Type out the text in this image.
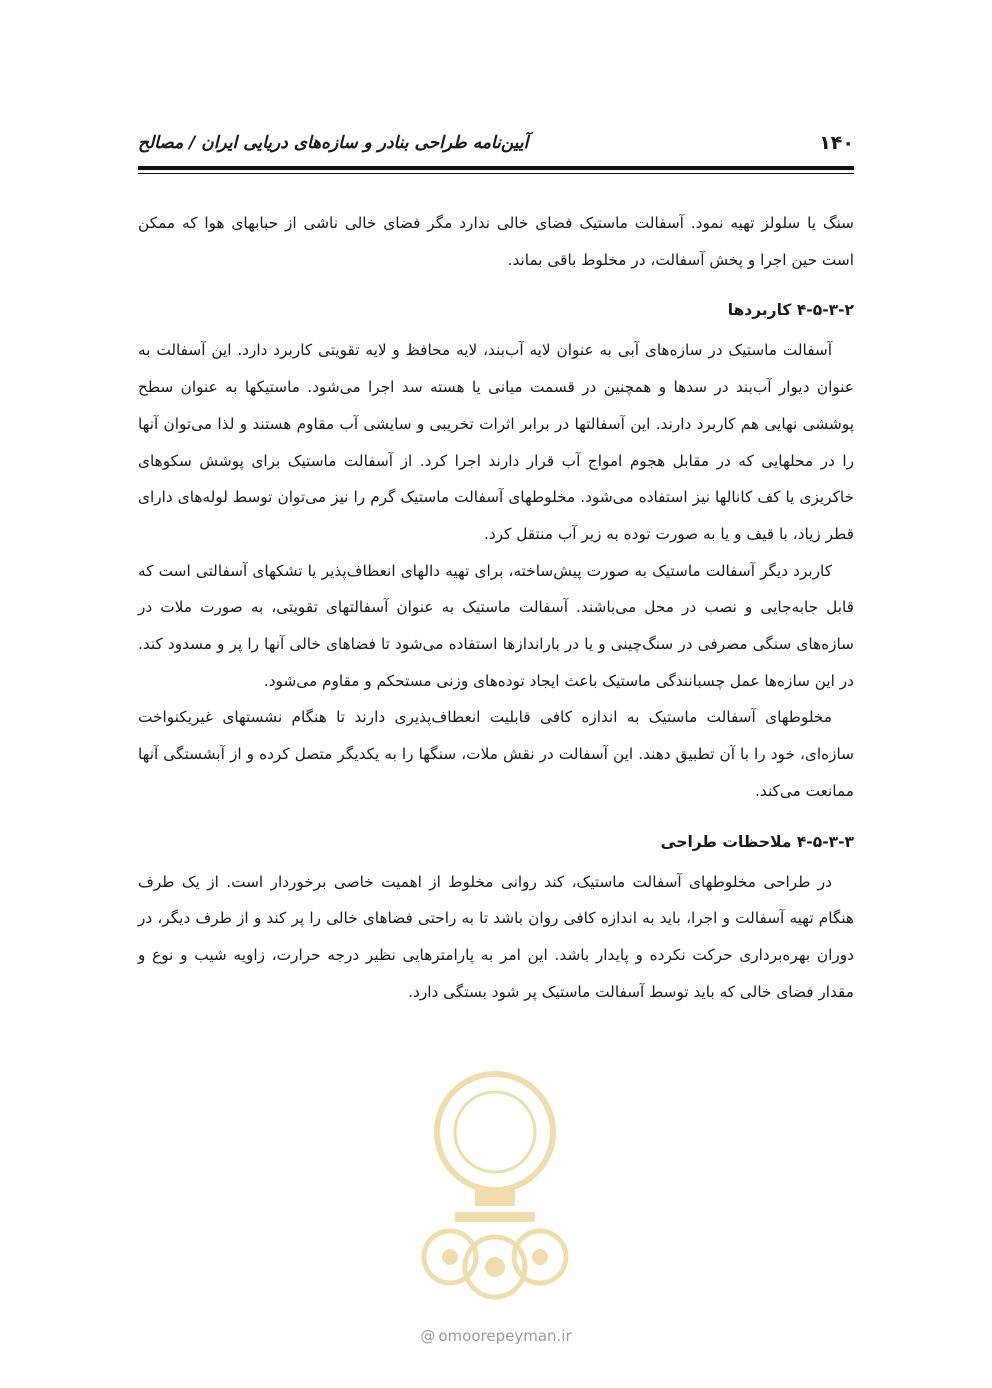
۱۴۰
آیین‌نامه طراحی بنادر و سازه‌های دریایی ایران / مصالح

سنگ یا سلولز تهیه نمود. آسفالت ماستیک فضای خالی ندارد مگر فضای خالی ناشی از حبابهای هوا که ممکن است حین اجرا و پخش آسفالت، در مخلوط باقی بماند.

۴-۵-۳-۲ کاربردها

آسفالت ماستیک در سازه‌های آبی به عنوان لایه آب‌بند، لایه محافظ و لایه تقویتی کاربرد دارد. این آسفالت به عنوان دیوار آب‌بند در سدها و همچنین در قسمت میانی یا هسته سد اجرا می‌شود. ماستیکها به عنوان سطح پوششی نهایی هم کاربرد دارند. این آسفالتها در برابر اثرات تخریبی و سایشی آب مقاوم هستند و لذا می‌توان آنها را در محلهایی که در مقابل هجوم امواج آب قرار دارند اجرا کرد. از آسفالت ماستیک برای پوشش سکوهای خاکریزی یا کف کانالها نیز استفاده می‌شود. مخلوطهای آسفالت ماستیک گرم را نیز می‌توان توسط لوله‌های دارای قطر زیاد، با قیف و یا به صورت توده به زیر آب منتقل کرد.

کاربرد دیگر آسفالت ماستیک به صورت پیش‌ساخته، برای تهیه دالهای انعطاف‌پذیر یا تشکهای آسفالتی است که قابل جابه‌جایی و نصب در محل می‌باشند. آسفالت ماستیک به عنوان آسفالتهای تقویتی، به صورت ملات در سازه‌های سنگی مصرفی در سنگ‌چینی و یا در باراندازها استفاده می‌شود تا فضاهای خالی آنها را پر و مسدود کند. در این سازه‌ها عمل چسبانندگی ماستیک باعث ایجاد توده‌های وزنی مستحکم و مقاوم می‌شود.

مخلوطهای آسفالت ماستیک به اندازه کافی قابلیت انعطاف‌پذیری دارند تا هنگام نشستهای غیریکنواخت سازه‌ای، خود را با آن تطبیق دهند. این آسفالت در نقش ملات، سنگها را به یکدیگر متصل کرده و از آبشستگی آنها ممانعت می‌کند.

۴-۵-۳-۳ ملاحظات طراحی

در طراحی مخلوطهای آسفالت ماستیک، کند روانی مخلوط از اهمیت خاصی برخوردار است. از یک طرف هنگام تهیه آسفالت و اجرا، باید به اندازه کافی روان باشد تا به راحتی فضاهای خالی را پر کند و از طرف دیگر، در دوران بهره‌برداری حرکت نکرده و پایدار باشد. این امر به پارامترهایی نظیر درجه حرارت، زاویه شیب و نوع و مقدار فضای خالی که باید توسط آسفالت ماستیک پر شود بستگی دارد.

@ omoorepeyman.ir
